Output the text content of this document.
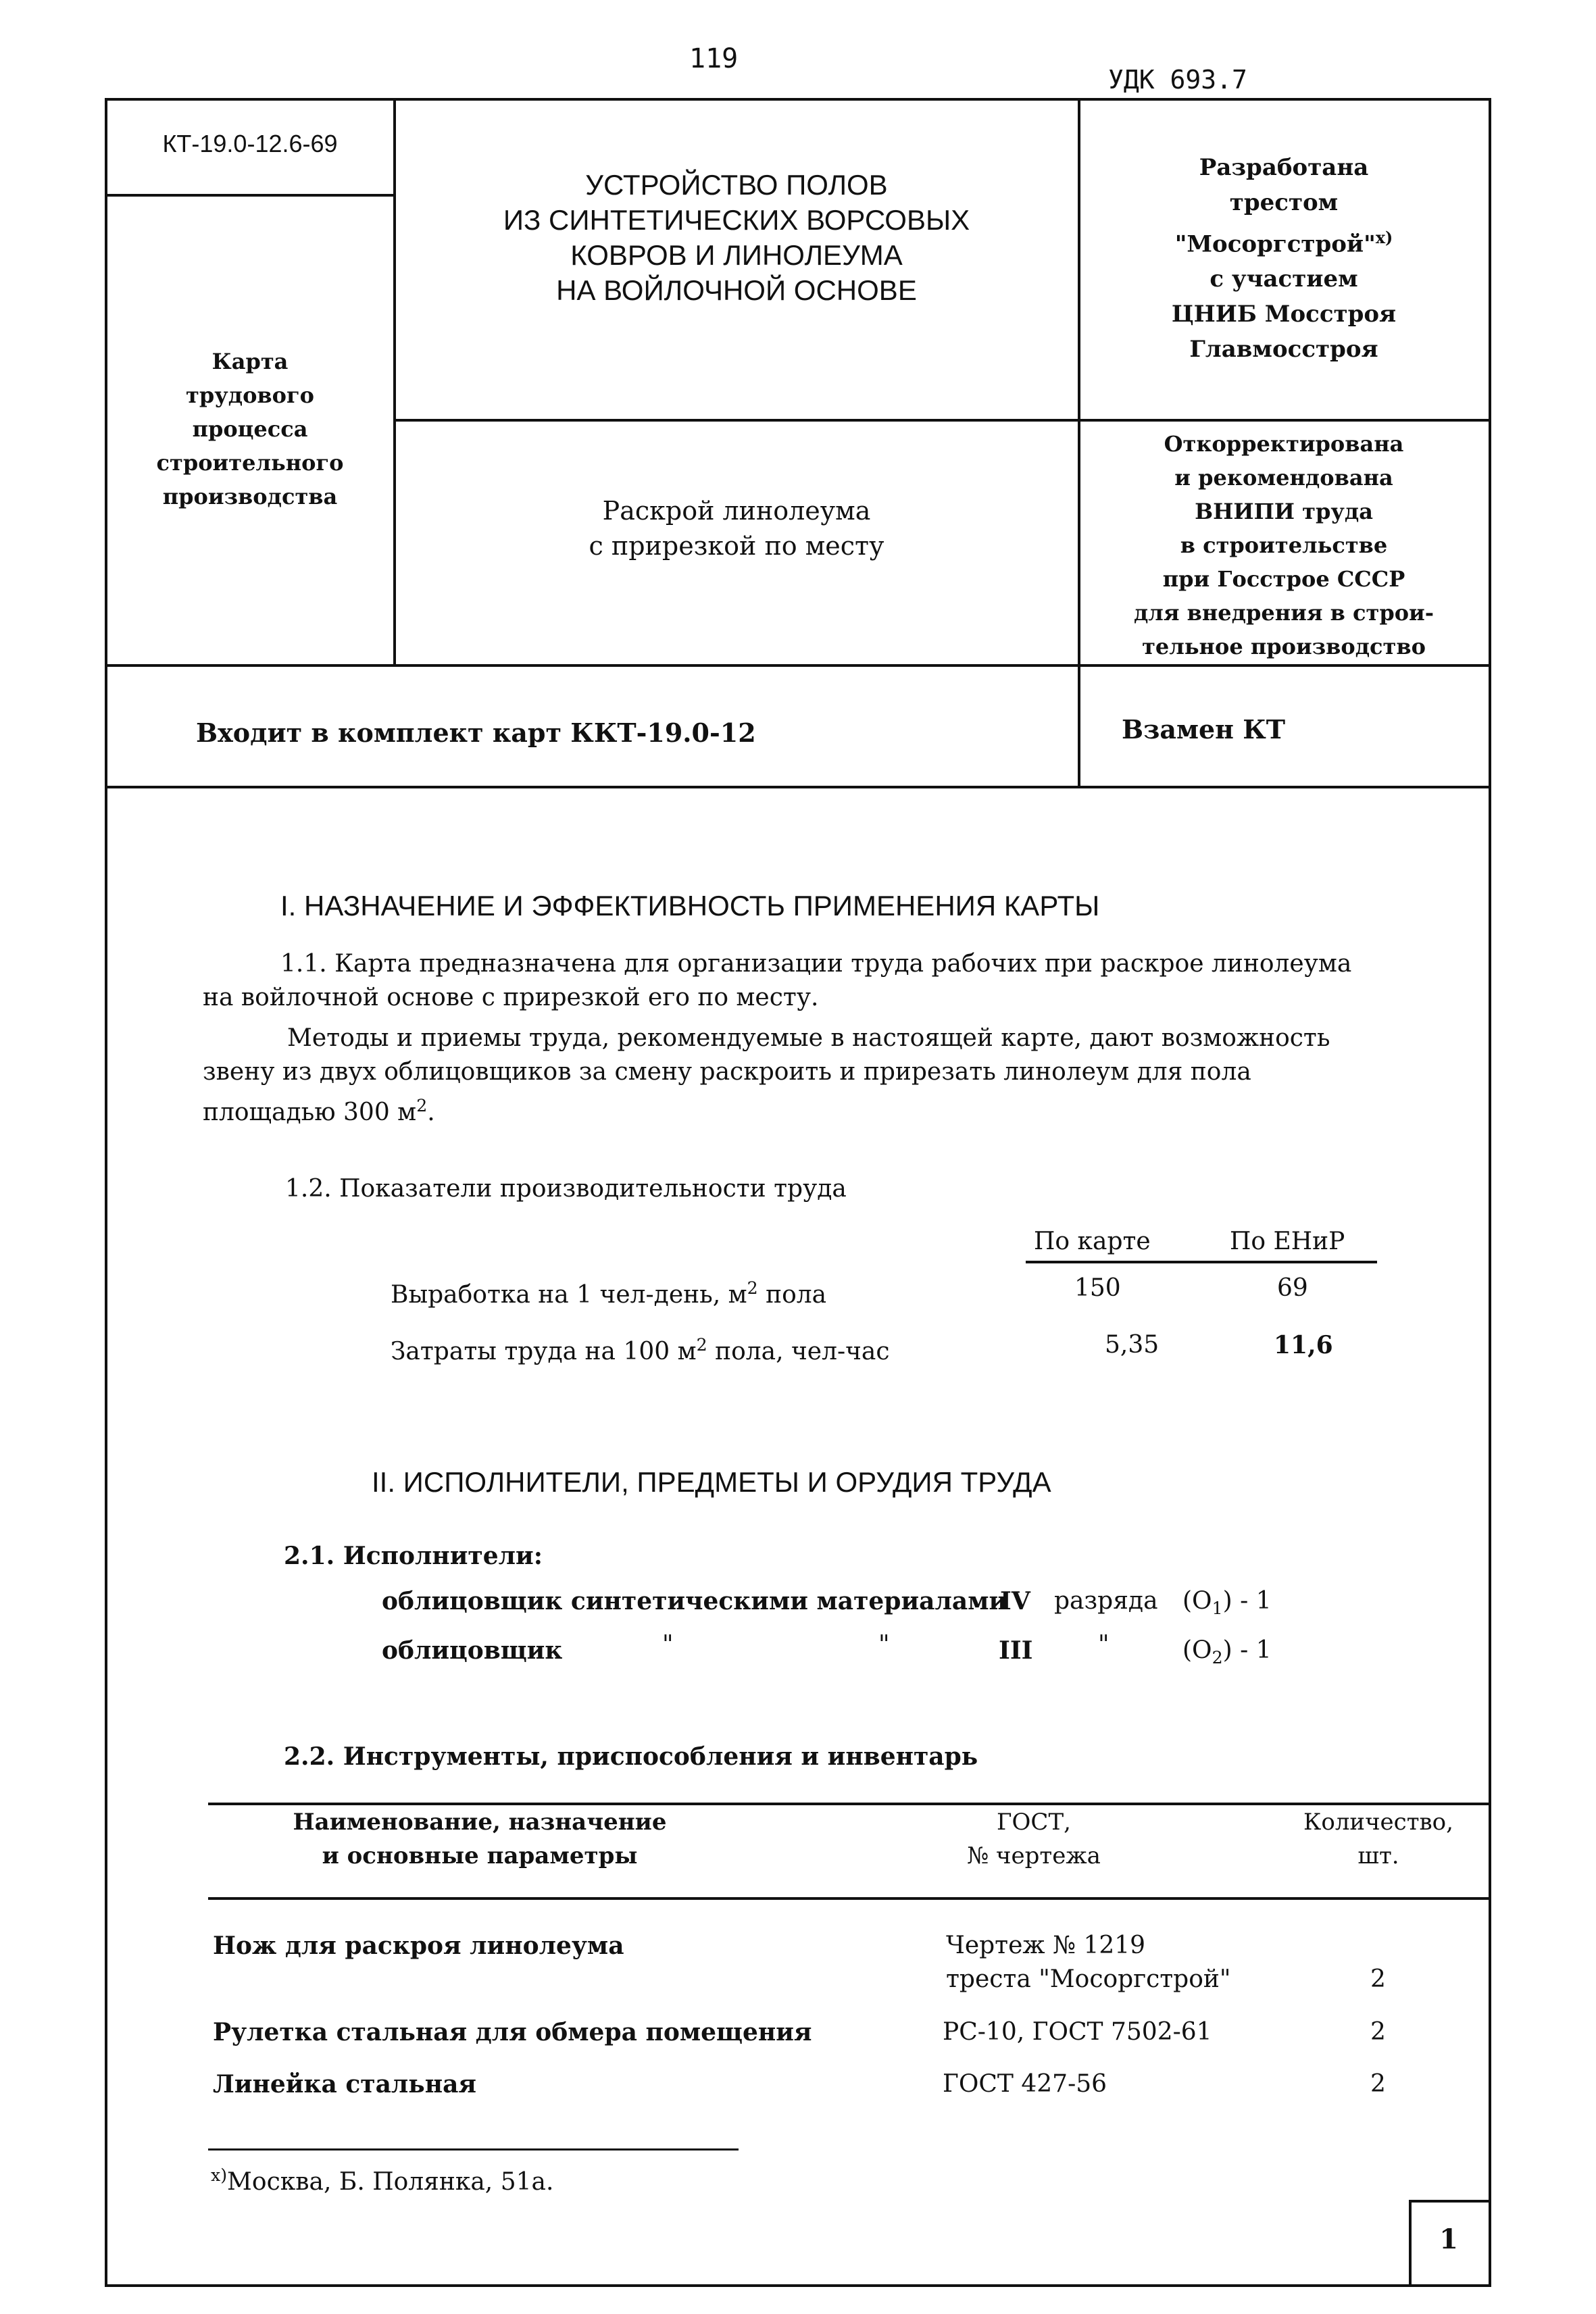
119
УДК 693.7
КТ-19.0-12.6-69
Карта
трудового
процесса
строительного
производства
УСТРОЙСТВО ПОЛОВ
ИЗ СИНТЕТИЧЕСКИХ ВОРСОВЫХ
КОВРОВ И ЛИНОЛЕУМА
НА ВОЙЛОЧНОЙ ОСНОВЕ
Раскрой линолеума
с прирезкой по месту
Разработана
трестом
"Мосоргстрой"$^{x)}$
с участием
ЦНИБ Мосстроя
Главмосстроя
Откорректирована
и рекомендована
ВНИПИ труда
в строительстве
при Госстрое СССР
для внедрения в строи-
тельное производство
Входит в комплект карт ККТ-19.0-12	Взамен КТ
I. НАЗНАЧЕНИЕ И ЭФФЕКТИВНОСТЬ ПРИМЕНЕНИЯ КАРТЫ
1.1. Карта предназначена для организации труда рабочих при раскрое линолеума
на войлочной основе с прирезкой его по месту.
Методы и приемы труда, рекомендуемые в настоящей карте, дают возможность
звену из двух облицовщиков за смену раскроить и прирезать линолеум для пола
площадью 300 $м^2$.
1.2. Показатели производительности труда
По карте	По ЕНиР
Выработка на 1 чел-день, $м^2$ пола	150	69
Затраты труда на 100 $м^2$ пола, чел-час	5,35	11,6
II. ИСПОЛНИТЕЛИ, ПРЕДМЕТЫ И ОРУДИЯ ТРУДА
2.1. Исполнители:
облицовщик синтетическими материалами
IV разряда $(О_1) - 1$
облицовщик	"	"	III	"	$(О_2) - 1$
2.2. Инструменты, приспособления и инвентарь
Наименование, назначение
и основные параметры
ГОСТ,
№ чертежа
Количество,
шт.
Нож для раскроя линолеума	Чертеж № 1219
треста "Мосоргстрой"	2
Рулетка стальная для обмера помещения	РС-10, ГОСТ 7502-61	2
Линейка стальная	ГОСТ 427-56	2
$^{x)}$Москва, Б. Полянка, 51а.
1
